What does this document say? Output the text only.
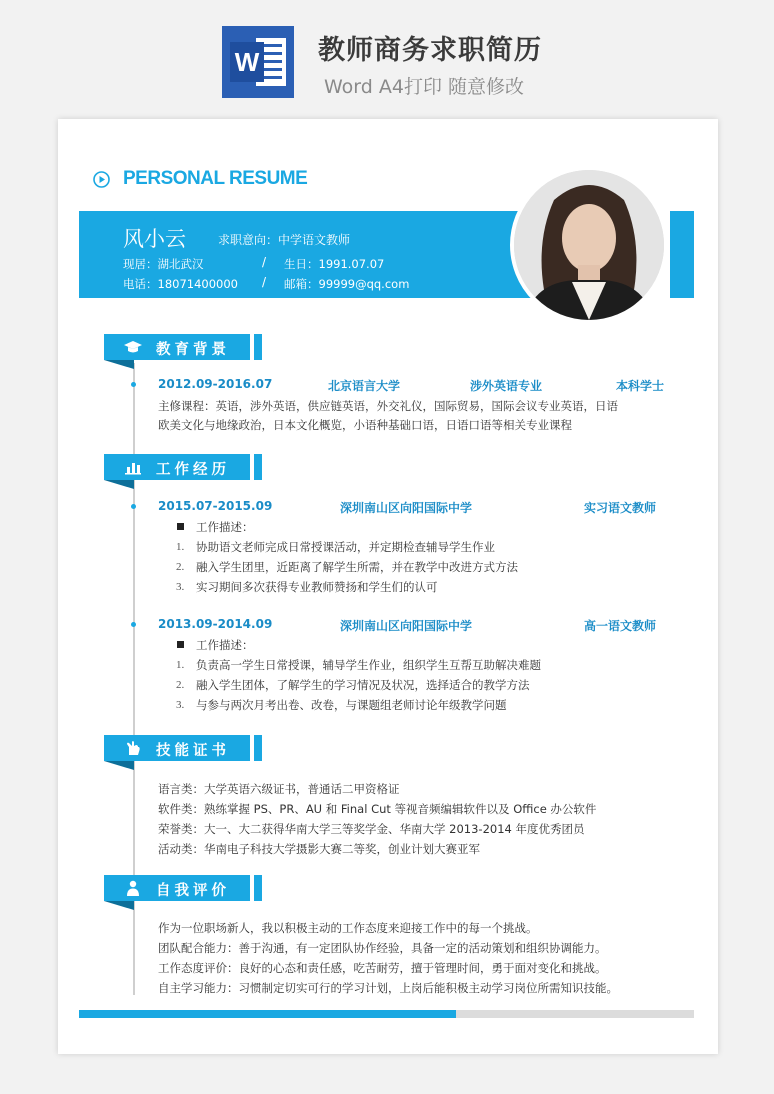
W 教师商务求职简历
Word A4打印 随意修改
PERSONAL RESUME
风小云	求职意向：中学语文教师
现居：湖北武汉	/ 生日：1991.07.07
电话：18071400000 / 邮箱：99999@qq.com
教育背景
2012.09-2016.07	北京语言大学	涉外英语专业	本科学士
主修课程：英语，涉外英语，供应链英语，外交礼仪，国际贸易，国际会议专业英语，日语
欧美文化与地缘政治，日本文化概览，小语种基础口语，日语口语等相关专业课程
工作经历
2015.07-2015.09	深圳南山区向阳国际中学	实习语文教师
工作描述：
1. 协助语文老师完成日常授课活动，并定期检查辅导学生作业
2. 融入学生团里，近距离了解学生所需，并在教学中改进方式方法
3. 实习期间多次获得专业教师赞扬和学生们的认可
2013.09-2014.09	深圳南山区向阳国际中学	高一语文教师
工作描述：
1. 负责高一学生日常授课，辅导学生作业，组织学生互帮互助解决难题
2. 融入学生团体，了解学生的学习情况及状况，选择适合的教学方法
3. 与参与两次月考出卷、改卷，与课题组老师讨论年级教学问题
技能证书
语言类：大学英语六级证书，普通话二甲资格证
软件类：熟练掌握 PS、PR、AU 和 Final Cut 等视音频编辑软件以及 Office 办公软件
荣誉类：大一、大二获得华南大学三等奖学金、华南大学 2013-2014 年度优秀团员
活动类：华南电子科技大学摄影大赛二等奖，创业计划大赛亚军
自我评价
作为一位职场新人，我以积极主动的工作态度来迎接工作中的每一个挑战。
团队配合能力：善于沟通，有一定团队协作经验，具备一定的活动策划和组织协调能力。
工作态度评价：良好的心态和责任感，吃苦耐劳，擅于管理时间，勇于面对变化和挑战。
自主学习能力：习惯制定切实可行的学习计划，上岗后能积极主动学习岗位所需知识技能。
